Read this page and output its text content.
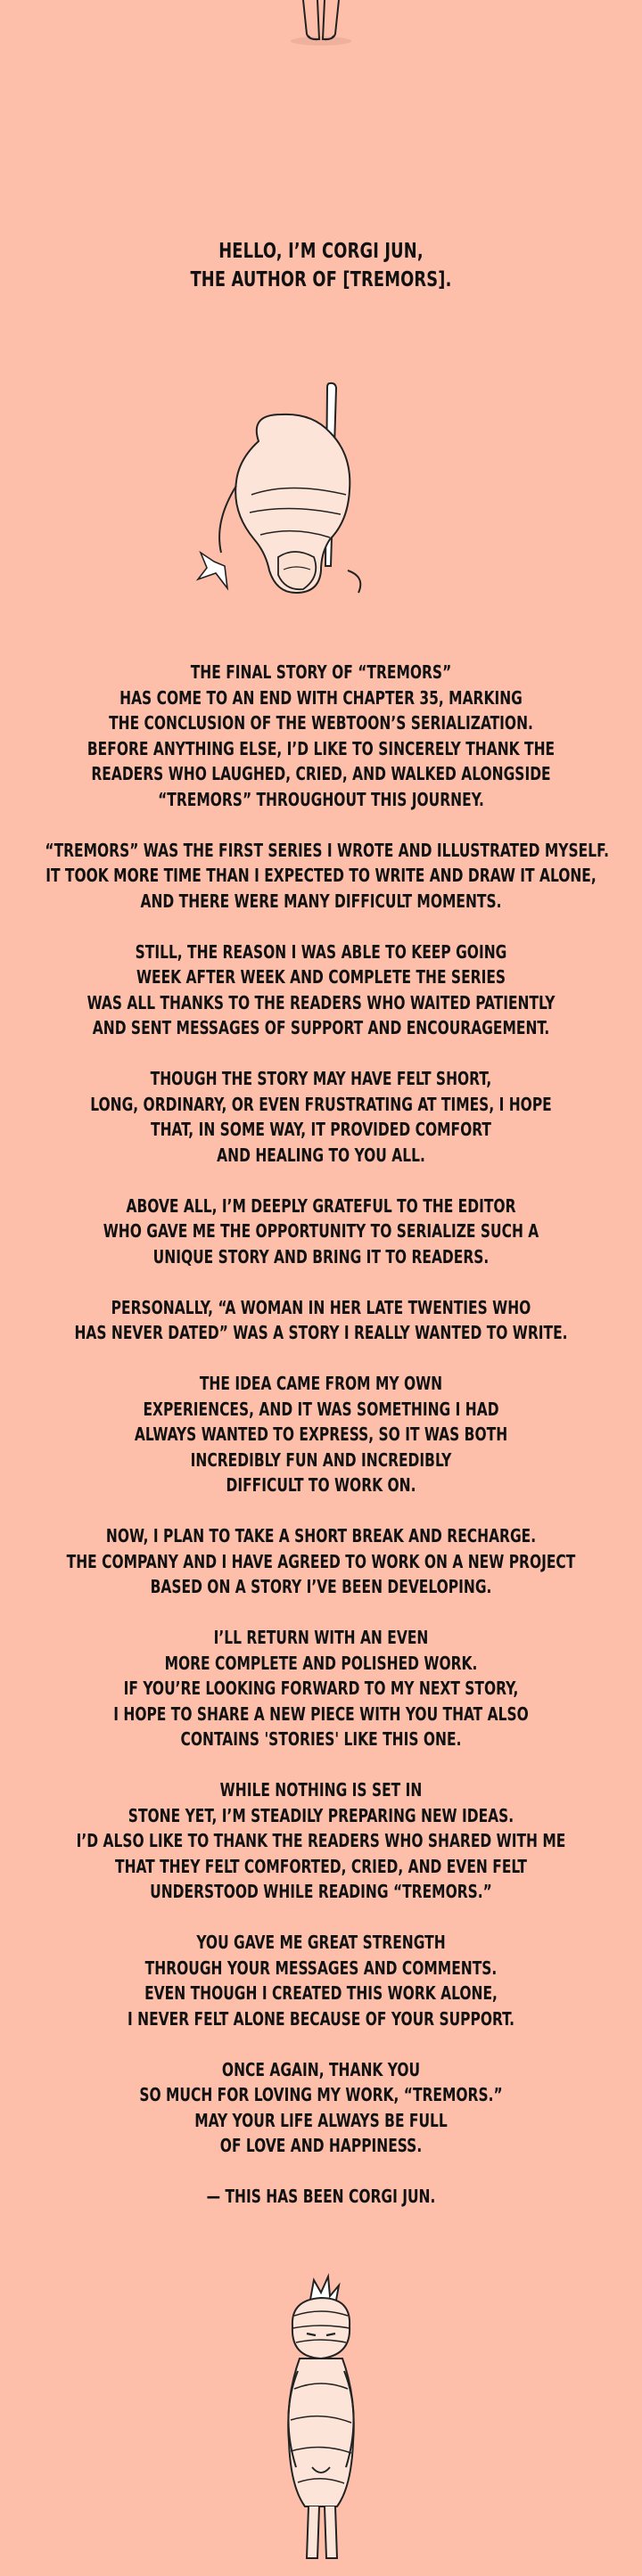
HELLO, I’M CORGI JUN,
THE AUTHOR OF [TREMORS].
THE FINAL STORY OF “TREMORS”
HAS COME TO AN END WITH CHAPTER 35, MARKING
THE CONCLUSION OF THE WEBTOON’S SERIALIZATION.
BEFORE ANYTHING ELSE, I’D LIKE TO SINCERELY THANK THE
READERS WHO LAUGHED, CRIED, AND WALKED ALONGSIDE
“TREMORS” THROUGHOUT THIS JOURNEY.
“TREMORS” WAS THE FIRST SERIES I WROTE AND ILLUSTRATED MYSELF.
IT TOOK MORE TIME THAN I EXPECTED TO WRITE AND DRAW IT ALONE,
AND THERE WERE MANY DIFFICULT MOMENTS.
STILL, THE REASON I WAS ABLE TO KEEP GOING
WEEK AFTER WEEK AND COMPLETE THE SERIES
WAS ALL THANKS TO THE READERS WHO WAITED PATIENTLY
AND SENT MESSAGES OF SUPPORT AND ENCOURAGEMENT.
THOUGH THE STORY MAY HAVE FELT SHORT,
LONG, ORDINARY, OR EVEN FRUSTRATING AT TIMES, I HOPE
THAT, IN SOME WAY, IT PROVIDED COMFORT
AND HEALING TO YOU ALL.
ABOVE ALL, I’M DEEPLY GRATEFUL TO THE EDITOR
WHO GAVE ME THE OPPORTUNITY TO SERIALIZE SUCH A
UNIQUE STORY AND BRING IT TO READERS.
PERSONALLY, “A WOMAN IN HER LATE TWENTIES WHO
HAS NEVER DATED” WAS A STORY I REALLY WANTED TO WRITE.
THE IDEA CAME FROM MY OWN
EXPERIENCES, AND IT WAS SOMETHING I HAD
ALWAYS WANTED TO EXPRESS, SO IT WAS BOTH
INCREDIBLY FUN AND INCREDIBLY
DIFFICULT TO WORK ON.
NOW, I PLAN TO TAKE A SHORT BREAK AND RECHARGE.
THE COMPANY AND I HAVE AGREED TO WORK ON A NEW PROJECT
BASED ON A STORY I’VE BEEN DEVELOPING.
I’LL RETURN WITH AN EVEN
MORE COMPLETE AND POLISHED WORK.
IF YOU’RE LOOKING FORWARD TO MY NEXT STORY,
I HOPE TO SHARE A NEW PIECE WITH YOU THAT ALSO
CONTAINS 'STORIES' LIKE THIS ONE.
WHILE NOTHING IS SET IN
STONE YET, I’M STEADILY PREPARING NEW IDEAS.
I’D ALSO LIKE TO THANK THE READERS WHO SHARED WITH ME
THAT THEY FELT COMFORTED, CRIED, AND EVEN FELT
UNDERSTOOD WHILE READING “TREMORS.”
YOU GAVE ME GREAT STRENGTH
THROUGH YOUR MESSAGES AND COMMENTS.
EVEN THOUGH I CREATED THIS WORK ALONE,
I NEVER FELT ALONE BECAUSE OF YOUR SUPPORT.
ONCE AGAIN, THANK YOU
SO MUCH FOR LOVING MY WORK, “TREMORS.”
MAY YOUR LIFE ALWAYS BE FULL
OF LOVE AND HAPPINESS.
— THIS HAS BEEN CORGI JUN.
